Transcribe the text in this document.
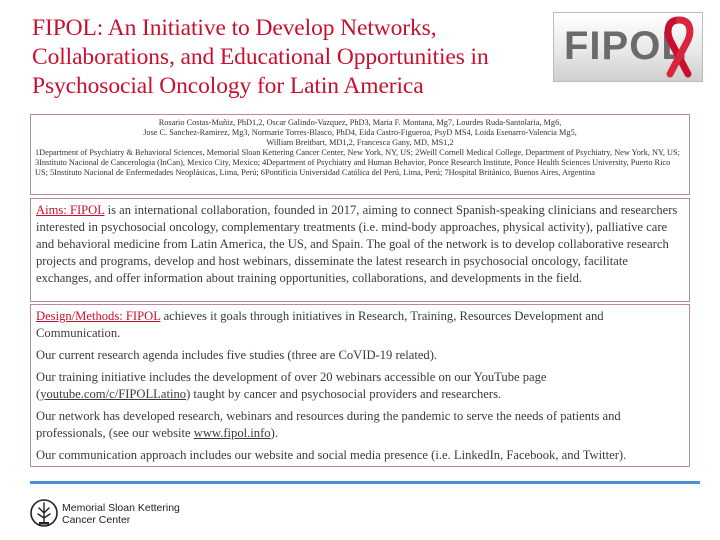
FIPOL: An Initiative to Develop Networks,
Collaborations, and Educational Opportunities in
Psychosocial Oncology for Latin America
FIPOL
Rosario Costas-Muñiz, PhD1,2, Oscar Galindo-Vazquez, PhD3, Maria F. Montana, Mg7, Lourdes Ruda-Santolaria, Mg6,
Jose C. Sanchez-Ramirez, Mg3, Normarie Torres-Blasco, PhD4, Eida Castro-Figueroa, PsyD MS4, Loida Esenarro-Valencia Mg5,
William Breitbart, MD1,2, Francesca Gany, MD, MS1,2
1Department of Psychiatry & Behavioral Sciences, Memorial Sloan Kettering Cancer Center, New York, NY, US; 2Weill Cornell Medical College, Department of Psychiatry, New York, NY, US; 3Instituto Nacional de Cancerologia (InCan), Mexico City, Mexico; 4Department of Psychiatry and Human Behavior, Ponce Research Institute, Ponce Health Sciences University, Puerto Rico US; 5Instituto Nacional de Enfermedades Neoplásicas, Lima, Perú; 6Pontificia Universidad Católica del Perú, Lima, Perú; 7Hospital Británico, Buenos Aires, Argentina

Aims: FIPOL is an international collaboration, founded in 2017, aiming to connect Spanish-speaking clinicians and researchers interested in psychosocial oncology, complementary treatments (i.e. mind-body approaches, physical activity), palliative care and behavioral medicine from Latin America, the US, and Spain. The goal of the network is to develop collaborative research projects and programs, develop and host webinars, disseminate the latest research in psychosocial oncology, facilitate exchanges, and offer information about training opportunities, collaborations, and developments in the field.

Design/Methods: FIPOL achieves it goals through initiatives in Research, Training, Resources Development and Communication.

Our current research agenda includes five studies (three are CoVID-19 related).

Our training initiative includes the development of over 20 webinars accessible on our YouTube page (youtube.com/c/FIPOLLatino) taught by cancer and psychosocial providers and researchers.

Our network has developed research, webinars and resources during the pandemic to serve the needs of patients and professionals, (see our website www.fipol.info).

Our communication approach includes our website and social media presence (i.e. LinkedIn, Facebook, and Twitter).

Memorial Sloan Kettering
Cancer Center
